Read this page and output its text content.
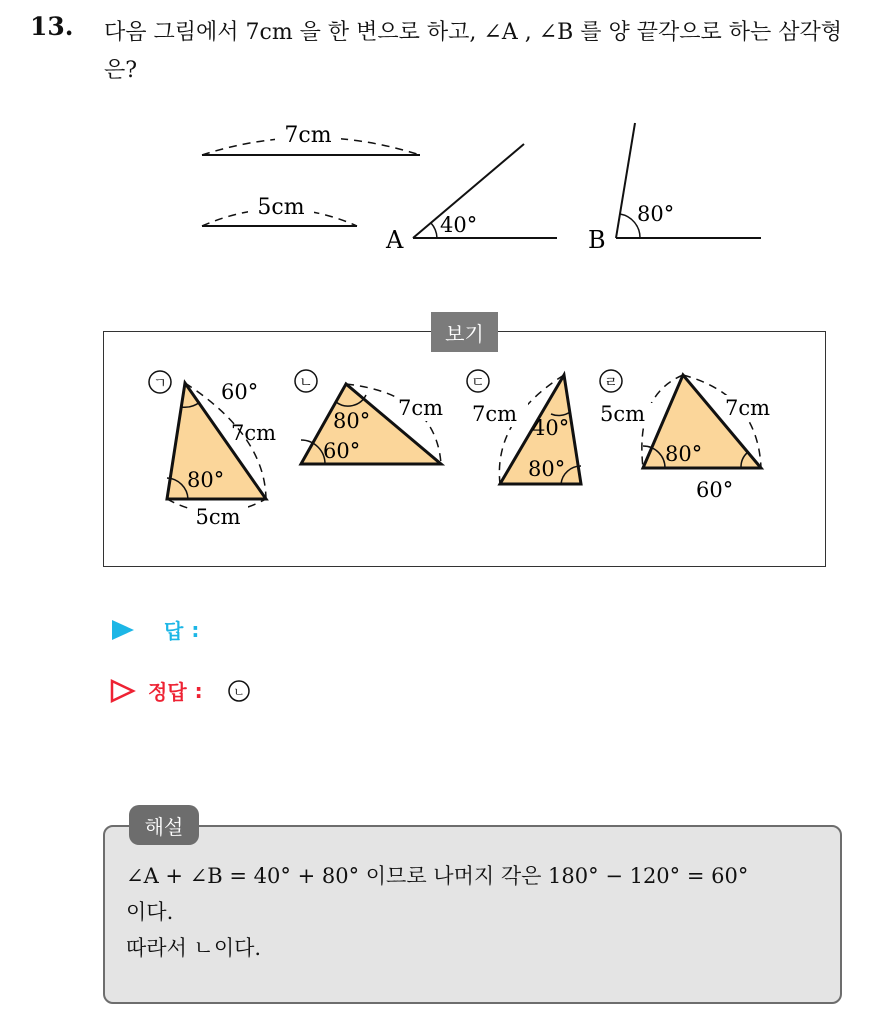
13. 다음 그림에서 7cm 을 한 변으로 하고, ∠A , ∠B 를 양 끝각으로 하는 삼각형은?
7cm
5cm
A
40°
B
80°
보기
ㄱ	60°
7cm
80°
5cm
ㄴ
80°
7cm
60°
ㄷ
7cm
40°
80°
ㄹ
5cm	7cm
80°
60°
답 :
정답 :	ㄴ
해설
∠A + ∠B = 40° + 80° 이므로 나머지 각은 180° − 120° = 60°
이다.
따라서 ㄴ이다.
